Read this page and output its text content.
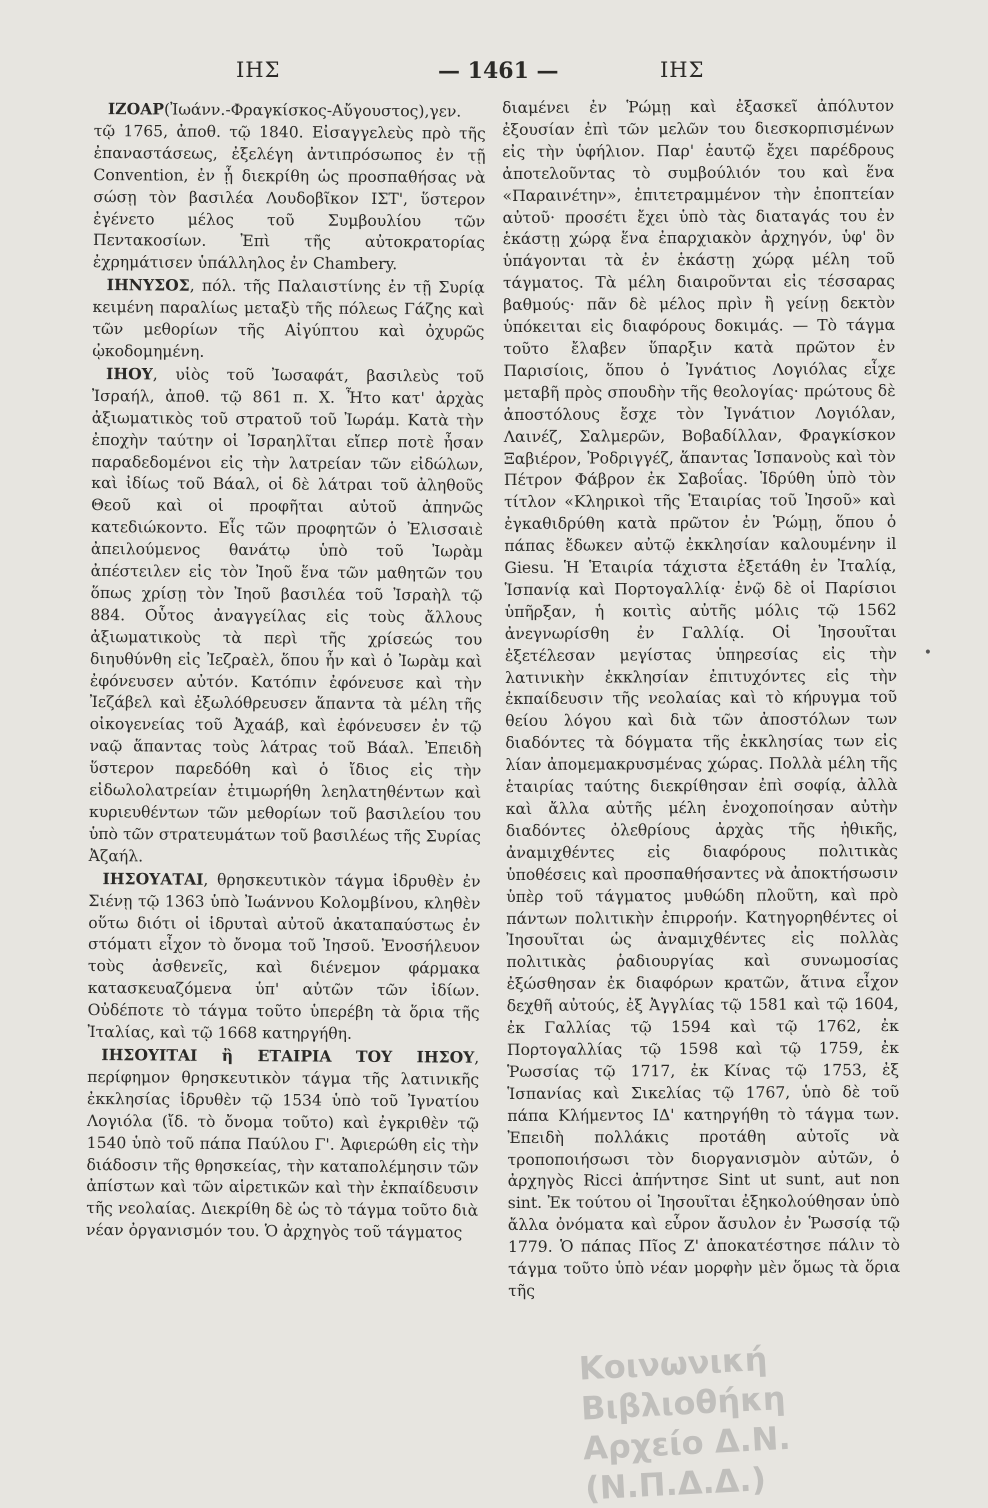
ΙΗΣ	— 1461 —	ΙΗΣ

ΙΖΟΑΡ(Ἰωάνν.-Φραγκίσκος-Αὔγουστος),γεν. τῷ 1765, ἀποθ. τῷ 1840. Εἰσαγγελεὺς πρὸ τῆς ἐπαναστάσεως, ἐξελέγη ἀντιπρόσωπος ἐν τῇ Convention, ἐν ᾗ διεκρίθη ὡς προσπαθήσας νὰ σώσῃ τὸν βασιλέα Λουδοβῖκον ΙΣΤ', ὕστερον ἐγένετο μέλος τοῦ Συμβουλίου τῶν Πεντακοσίων. Ἐπὶ τῆς αὐτοκρατορίας ἐχρημάτισεν ὑπάλληλος ἐν Chambery.

ΙΗΝΥΣΟΣ, πόλ. τῆς Παλαιστίνης ἐν τῇ Συρίᾳ κειμένη παραλίως μεταξὺ τῆς πόλεως Γάζης καὶ τῶν μεθορίων τῆς Αἰγύπτου καὶ ὀχυρῶς ᾠκοδομημένη.

ΙΗΟΥ, υἱὸς τοῦ Ἰωσαφάτ, βασιλεὺς τοῦ Ἰσραήλ, ἀποθ. τῷ 861 π. Χ. Ἦτο κατ' ἀρχὰς ἀξιωματικὸς τοῦ στρατοῦ τοῦ Ἰωράμ. Κατὰ τὴν ἐποχὴν ταύτην οἱ Ἰσραηλῖται εἴπερ ποτὲ ἦσαν παραδεδομένοι εἰς τὴν λατρείαν τῶν εἰδώλων, καὶ ἰδίως τοῦ Βάαλ, οἱ δὲ λάτραι τοῦ ἀληθοῦς Θεοῦ καὶ οἱ προφῆται αὐτοῦ ἀπηνῶς κατεδιώκοντο. Εἷς τῶν προφητῶν ὁ Ἐλισσαιὲ ἀπειλούμενος θανάτῳ ὑπὸ τοῦ Ἰωρὰμ ἀπέστειλεν εἰς τὸν Ἰηοῦ ἕνα τῶν μαθητῶν του ὅπως χρίσῃ τὸν Ἰηοῦ βασιλέα τοῦ Ἰσραὴλ τῷ 884. Οὗτος ἀναγγείλας εἰς τοὺς ἄλλους ἀξιωματικοὺς τὰ περὶ τῆς χρίσεώς του διηυθύνθη εἰς Ἰεζραὲλ, ὅπου ἦν καὶ ὁ Ἰωρὰμ καὶ ἐφόνευσεν αὐτόν. Κατόπιν ἐφόνευσε καὶ τὴν Ἰεζάβελ καὶ ἐξωλόθρευσεν ἅπαντα τὰ μέλη τῆς οἰκογενείας τοῦ Ἀχαάβ, καὶ ἐφόνευσεν ἐν τῷ ναῷ ἅπαντας τοὺς λάτρας τοῦ Βάαλ. Ἐπειδὴ ὕστερον παρεδόθη καὶ ὁ ἴδιος εἰς τὴν εἰδωλολατρείαν ἐτιμωρήθη λεηλατηθέντων καὶ κυριευθέντων τῶν μεθορίων τοῦ βασιλείου του ὑπὸ τῶν στρατευμάτων τοῦ βασιλέως τῆς Συρίας Ἀζαήλ.

ΙΗΣΟΥΑΤΑΙ, θρησκευτικὸν τάγμα ἱδρυθὲν ἐν Σιένῃ τῷ 1363 ὑπὸ Ἰωάννου Κολομβίνου, κληθὲν οὕτω διότι οἱ ἱδρυταὶ αὐτοῦ ἀκαταπαύστως ἐν στόματι εἶχον τὸ ὄνομα τοῦ Ἰησοῦ. Ἐνοσήλευον τοὺς ἀσθενεῖς, καὶ διένεμον φάρμακα κατασκευαζόμενα ὑπ' αὐτῶν τῶν ἰδίων. Οὐδέποτε τὸ τάγμα τοῦτο ὑπερέβη τὰ ὅρια τῆς Ἰταλίας, καὶ τῷ 1668 κατηργήθη.

ΙΗΣΟΥΙΤΑΙ ἢ ΕΤΑΙΡΙΑ ΤΟΥ ΙΗΣΟΥ, περίφημον θρησκευτικὸν τάγμα τῆς λατινικῆς ἐκκλησίας ἱδρυθὲν τῷ 1534 ὑπὸ τοῦ Ἰγνατίου Λογιόλα (ἴδ. τὸ ὄνομα τοῦτο) καὶ ἐγκριθὲν τῷ 1540 ὑπὸ τοῦ πάπα Παύλου Γ'. Ἀφιερώθη εἰς τὴν διάδοσιν τῆς θρησκείας, τὴν καταπολέμησιν τῶν ἀπίστων καὶ τῶν αἱρετικῶν καὶ τὴν ἐκπαίδευσιν τῆς νεολαίας. Διεκρίθη δὲ ὡς τὸ τάγμα τοῦτο διὰ νέαν ὀργανισμόν του. Ὁ ἀρχηγὸς τοῦ τάγματος

διαμένει ἐν Ῥώμῃ καὶ ἐξασκεῖ ἀπόλυτον ἐξουσίαν ἐπὶ τῶν μελῶν του διεσκορπισμένων εἰς τὴν ὑφήλιον. Παρ' ἑαυτῷ ἔχει παρέδρους ἀποτελοῦντας τὸ συμβούλιόν του καὶ ἕνα «Παραινέτην», ἐπιτετραμμένον τὴν ἐποπτείαν αὐτοῦ· προσέτι ἔχει ὑπὸ τὰς διαταγάς του ἐν ἑκάστῃ χώρᾳ ἕνα ἐπαρχιακὸν ἀρχηγόν, ὑφ' ὃν ὑπάγονται τὰ ἐν ἑκάστῃ χώρᾳ μέλη τοῦ τάγματος. Τὰ μέλη διαιροῦνται εἰς τέσσαρας βαθμούς· πᾶν δὲ μέλος πρὶν ἢ γείνῃ δεκτὸν ὑπόκειται εἰς διαφόρους δοκιμάς. — Τὸ τάγμα τοῦτο ἔλαβεν ὕπαρξιν κατὰ πρῶτον ἐν Παρισίοις, ὅπου ὁ Ἰγνάτιος Λογιόλας εἶχε μεταβῆ πρὸς σπουδὴν τῆς θεολογίας· πρώτους δὲ ἀποστόλους ἔσχε τὸν Ἰγνάτιον Λογιόλαν, Λαινέζ, Σαλμερῶν, Βοβαδίλλαν, Φραγκίσκον Ξαβιέρον, Ῥοδριγγέζ, ἅπαντας Ἱσπανοὺς καὶ τὸν Πέτρον Φάβρον ἐκ Σαβοΐας. Ἱδρύθη ὑπὸ τὸν τίτλον «Κληρικοὶ τῆς Ἑταιρίας τοῦ Ἰησοῦ» καὶ ἐγκαθιδρύθη κατὰ πρῶτον ἐν Ῥώμῃ, ὅπου ὁ πάπας ἔδωκεν αὐτῷ ἐκκλησίαν καλουμένην il Giesu. Ἡ Ἑταιρία τάχιστα ἐξετάθη ἐν Ἰταλίᾳ, Ἱσπανίᾳ καὶ Πορτογαλλίᾳ· ἐνῷ δὲ οἱ Παρίσιοι ὑπῆρξαν, ἡ κοιτὶς αὐτῆς μόλις τῷ 1562 ἀνεγνωρίσθη ἐν Γαλλίᾳ. Οἱ Ἰησουῖται ἐξετέλεσαν μεγίστας ὑπηρεσίας εἰς τὴν λατινικὴν ἐκκλησίαν ἐπιτυχόντες εἰς τὴν ἐκπαίδευσιν τῆς νεολαίας καὶ τὸ κήρυγμα τοῦ θείου λόγου καὶ διὰ τῶν ἀποστόλων των διαδόντες τὰ δόγματα τῆς ἐκκλησίας των εἰς λίαν ἀπομεμακρυσμένας χώρας. Πολλὰ μέλη τῆς ἑταιρίας ταύτης διεκρίθησαν ἐπὶ σοφίᾳ, ἀλλὰ καὶ ἄλλα αὐτῆς μέλη ἐνοχοποίησαν αὐτὴν διαδόντες ὀλεθρίους ἀρχὰς τῆς ἠθικῆς, ἀναμιχθέντες εἰς διαφόρους πολιτικὰς ὑποθέσεις καὶ προσπαθήσαντες νὰ ἀποκτήσωσιν ὑπὲρ τοῦ τάγματος μυθώδη πλοῦτη, καὶ πρὸ πάντων πολιτικὴν ἐπιρροήν. Κατηγορηθέντες οἱ Ἰησουῖται ὡς ἀναμιχθέντες εἰς πολλὰς πολιτικὰς ῥαδιουργίας καὶ συνωμοσίας ἐξώσθησαν ἐκ διαφόρων κρατῶν, ἅτινα εἶχον δεχθῆ αὐτούς, ἐξ Ἀγγλίας τῷ 1581 καὶ τῷ 1604, ἐκ Γαλλίας τῷ 1594 καὶ τῷ 1762, ἐκ Πορτογαλλίας τῷ 1598 καὶ τῷ 1759, ἐκ Ῥωσσίας τῷ 1717, ἐκ Κίνας τῷ 1753, ἐξ Ἱσπανίας καὶ Σικελίας τῷ 1767, ὑπὸ δὲ τοῦ πάπα Κλήμεντος ΙΔ' κατηργήθη τὸ τάγμα των. Ἐπειδὴ πολλάκις προτάθη αὐτοῖς νὰ τροποποιήσωσι τὸν διοργανισμὸν αὐτῶν, ὁ ἀρχηγὸς Ricci ἀπήντησε Sint ut sunt, aut non sint. Ἐκ τούτου οἱ Ἰησουῖται ἐξηκολούθησαν ὑπὸ ἄλλα ὀνόματα καὶ εὗρον ἄσυλον ἐν Ῥωσσίᾳ τῷ 1779. Ὁ πάπας Πῖος Ζ' ἀποκατέστησε πάλιν τὸ τάγμα τοῦτο ὑπὸ νέαν μορφὴν μὲν ὅμως τὰ ὅρια τῆς

•
Κοινωνική Βιβλιοθήκη
Αρχείο Δ.Ν. (Ν.Π.Δ.Δ.)
